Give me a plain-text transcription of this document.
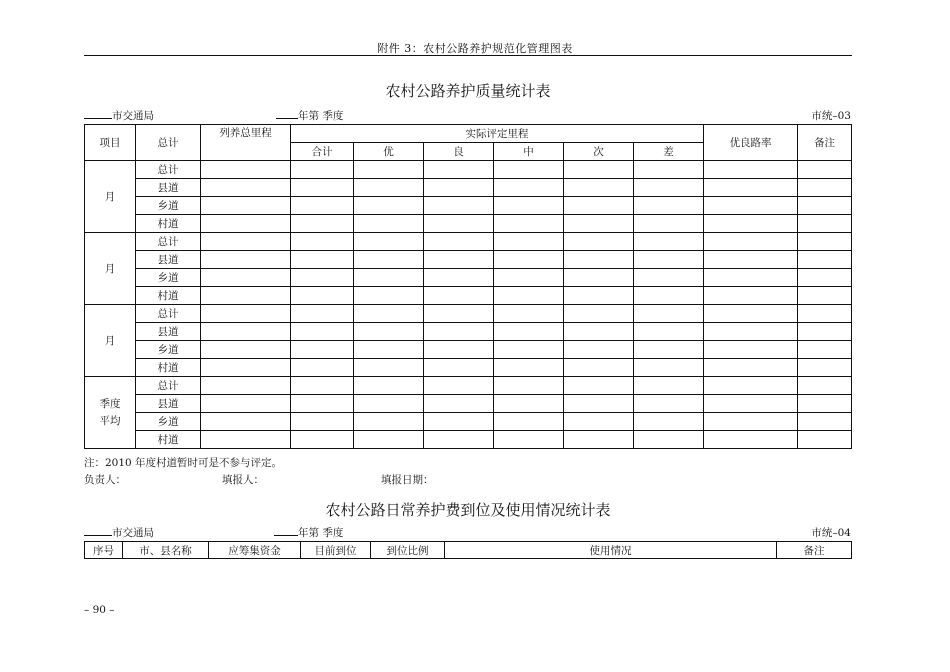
附件 3：农村公路养护规范化管理图表
农村公路养护质量统计表
市交通局	年第 季度	市统–03
项目	总计	列养总里程	实际评定里程						优良路率	备注
			合计	优	良	中	次	差		
月	总计									
	县道									
	乡道									
	村道									
月	总计									
	县道									
	乡道									
	村道									
月	总计									
	县道									
	乡道									
	村道									

季度
平均	总计									
	县道									
	乡道									
	村道									
注：2010 年度村道暂时可是不参与评定。
负责人：	填报人：	填报日期：
农村公路日常养护费到位及使用情况统计表
市交通局	年第 季度	市统–04
序号	市、县名称	应筹集资金	目前到位	到位比例	使用情况	备注
– 90 –
